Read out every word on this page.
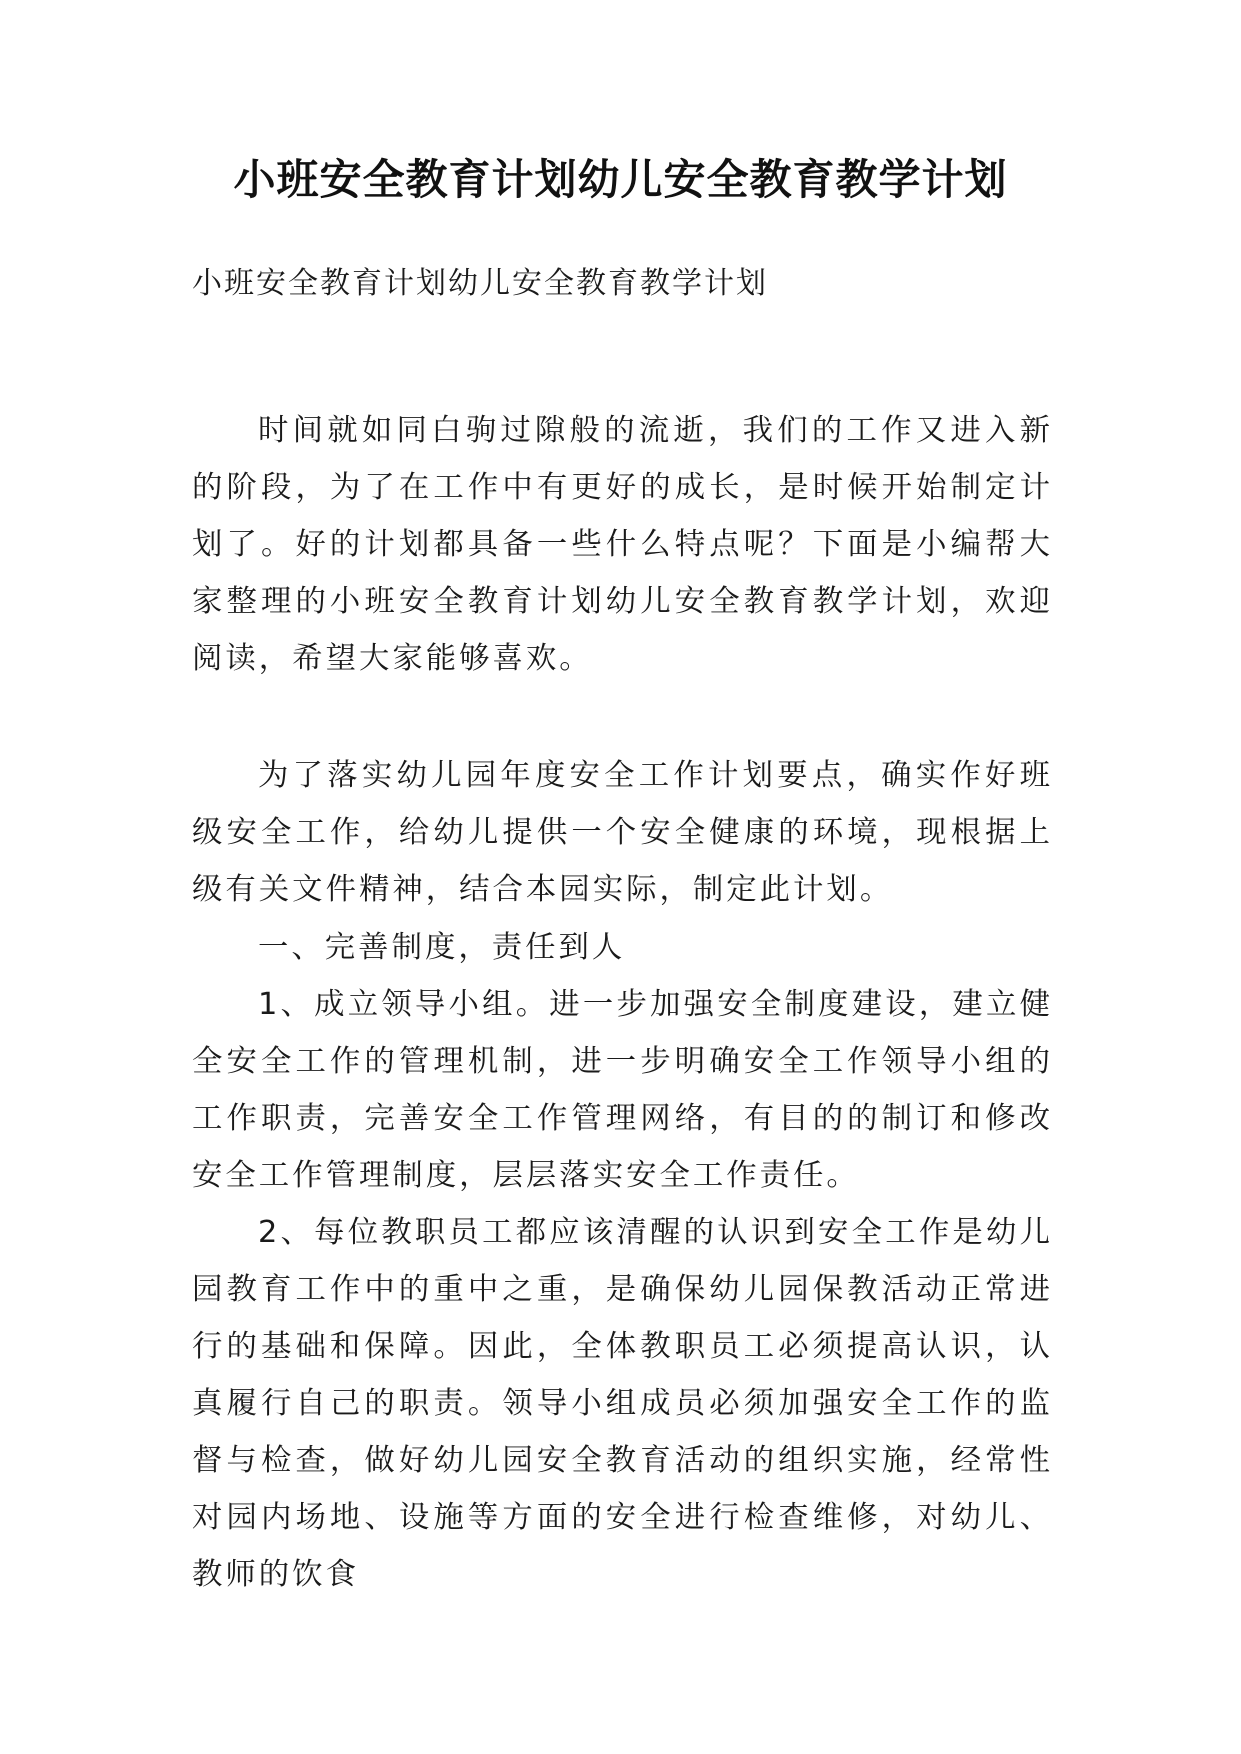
小班安全教育计划幼儿安全教育教学计划

小班安全教育计划幼儿安全教育教学计划

时间就如同白驹过隙般的流逝，我们的工作又进入新的阶段，为了在工作中有更好的成长，是时候开始制定计划了。好的计划都具备一些什么特点呢？下面是小编帮大家整理的小班安全教育计划幼儿安全教育教学计划，欢迎阅读，希望大家能够喜欢。

为了落实幼儿园年度安全工作计划要点，确实作好班级安全工作，给幼儿提供一个安全健康的环境，现根据上级有关文件精神，结合本园实际，制定此计划。

一、完善制度，责任到人

1、成立领导小组。进一步加强安全制度建设，建立健全安全工作的管理机制，进一步明确安全工作领导小组的工作职责，完善安全工作管理网络，有目的的制订和修改安全工作管理制度，层层落实安全工作责任。

2、每位教职员工都应该清醒的认识到安全工作是幼儿园教育工作中的重中之重，是确保幼儿园保教活动正常进行的基础和保障。因此，全体教职员工必须提高认识，认真履行自己的职责。领导小组成员必须加强安全工作的监督与检查，做好幼儿园安全教育活动的组织实施，经常性对园内场地、设施等方面的安全进行检查维修，对幼儿、教师的饮食
